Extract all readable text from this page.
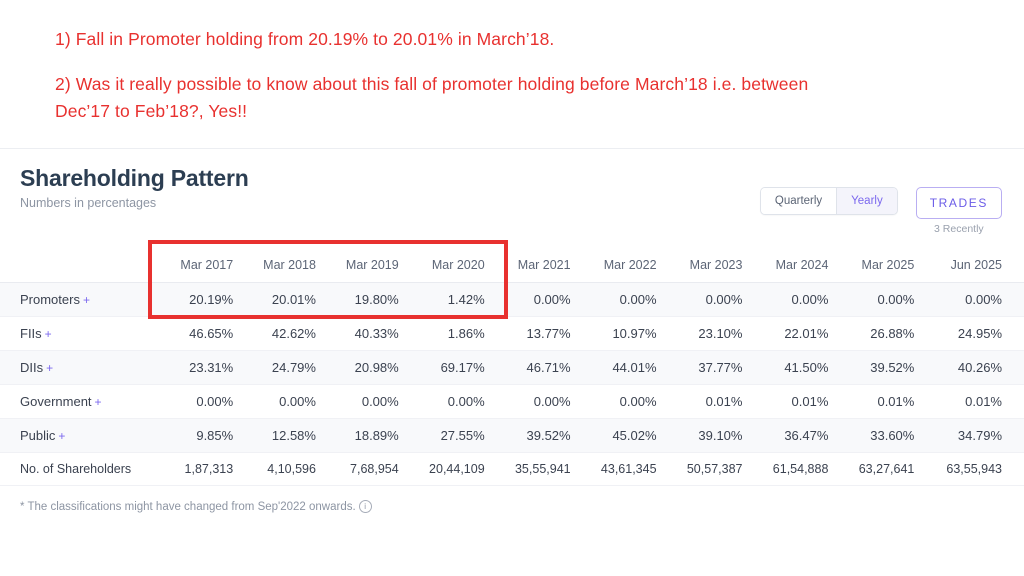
1) Fall in Promoter holding from 20.19% to 20.01% in March’18.
2) Was it really possible to know about this fall of promoter holding before March’18 i.e. between Dec’17 to Feb’18?, Yes!!
Shareholding Pattern
Numbers in percentages	Quarterly	Yearly	TRADES
3 Recently
	Mar 2017	Mar 2018	Mar 2019	Mar 2020	Mar 2021	Mar 2022	Mar 2023	Mar 2024	Mar 2025	Jun 2025
Promoters +	20.19%	20.01%	19.80%	1.42%	0.00%	0.00%	0.00%	0.00%	0.00%	0.00%
FIIs +	46.65%	42.62%	40.33%	1.86%	13.77%	10.97%	23.10%	22.01%	26.88%	24.95%
DIIs +	23.31%	24.79%	20.98%	69.17%	46.71%	44.01%	37.77%	41.50%	39.52%	40.26%
Government +	0.00%	0.00%	0.00%	0.00%	0.00%	0.00%	0.01%	0.01%	0.01%	0.01%
Public +	9.85%	12.58%	18.89%	27.55%	39.52%	45.02%	39.10%	36.47%	33.60%	34.79%
No. of Shareholders	1,87,313	4,10,596	7,68,954	20,44,109	35,55,941	43,61,345	50,57,387	61,54,888	63,27,641	63,55,943
* The classifications might have changed from Sep'2022 onwards. i
